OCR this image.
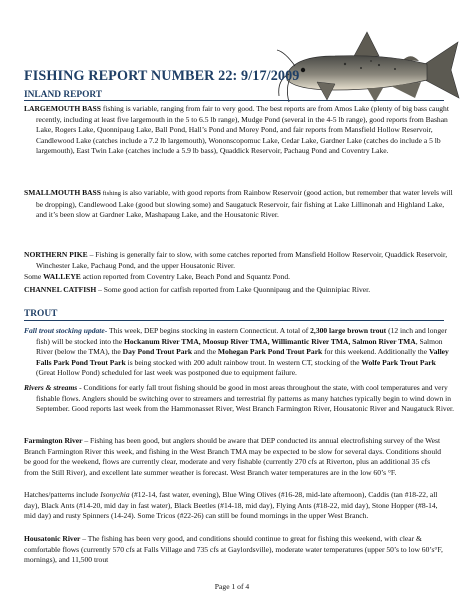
FISHING REPORT NUMBER 22: 9/17/2009
INLAND REPORT

LARGEMOUTH BASS fishing is variable, ranging from fair to very good. The best reports are from Amos Lake (plenty of big bass caught recently, including at least five largemouth in the 5 to 6.5 lb range), Mudge Pond (several in the 4-5 lb range), good reports from Bashan Lake, Rogers Lake, Quonnipaug Lake, Ball Pond, Hall’s Pond and Morey Pond, and fair reports from Mansfield Hollow Reservoir, Candlewood Lake (catches include a 7.2 lb largemouth), Wononscopomuc Lake, Cedar Lake, Gardner Lake (catches do include a 5 lb largemouth), East Twin Lake (catches include a 5.9 lb bass), Quaddick Reservoir, Pachaug Pond and Coventry Lake.

SMALLMOUTH BASS fishing is also variable, with good reports from Rainbow Reservoir (good action, but remember that water levels will be dropping), Candlewood Lake (good but slowing some) and Saugatuck Reservoir, fair fishing at Lake Lillinonah and Highland Lake, and it’s been slow at Gardner Lake, Mashapaug Lake, and the Housatonic River.

NORTHERN PIKE – Fishing is generally fair to slow, with some catches reported from Mansfield Hollow Reservoir, Quaddick Reservoir, Winchester Lake, Pachaug Pond, and the upper Housatonic River.

Some WALLEYE action reported from Coventry Lake, Beach Pond and Squantz Pond.

CHANNEL CATFISH – Some good action for catfish reported from Lake Quonnipaug and the Quinnipiac River.

TROUT

Fall trout stocking update- This week, DEP begins stocking in eastern Connecticut. A total of 2,300 large brown trout (12 inch and longer fish) will be stocked into the Hockanum River TMA, Moosup River TMA, Willimantic River TMA, Salmon River TMA, Salmon River (below the TMA), the Day Pond Trout Park and the Mohegan Park Pond Trout Park for this weekend. Additionally the Valley Falls Park Pond Trout Park is being stocked with 200 adult rainbow trout. In western CT, stocking of the Wolfe Park Trout Park (Great Hollow Pond) scheduled for last week was postponed due to equipment failure.

Rivers & streams - Conditions for early fall trout fishing should be good in most areas throughout the state, with cool temperatures and very fishable flows. Anglers should be switching over to streamers and terrestrial fly patterns as many hatches typically begin to wind down in September. Good reports last week from the Hammonasset River, West Branch Farmington River, Housatonic River and Naugatuck River.

Farmington River – Fishing has been good, but anglers should be aware that DEP conducted its annual electrofishing survey of the West Branch Farmington River this week, and fishing in the West Branch TMA may be expected to be slow for several days. Conditions should be good for the weekend, flows are currently clear, moderate and very fishable (currently 270 cfs at Riverton, plus an additional 35 cfs from the Still River), and excellent late summer weather is forecast. West Branch water temperatures are in the low 60’s °F.

Hatches/patterns include Isonychia (#12-14, fast water, evening), Blue Wing Olives (#16-28, mid-late afternoon), Caddis (tan #18-22, all day), Black Ants (#14-20, mid day in fast water), Black Beetles (#14-18, mid day), Flying Ants (#18-22, mid day), Stone Hopper (#8-14, mid day) and rusty Spinners (14-24). Some Tricos (#22-26) can still be found mornings in the upper West Branch.

Housatonic River – The fishing has been very good, and conditions should continue to great for fishing this weekend, with clear & comfortable flows (currently 570 cfs at Falls Village and 735 cfs at Gaylordsville), moderate water temperatures (upper 50’s to low 60’s°F, mornings), and 11,500 trout

Page 1 of 4
